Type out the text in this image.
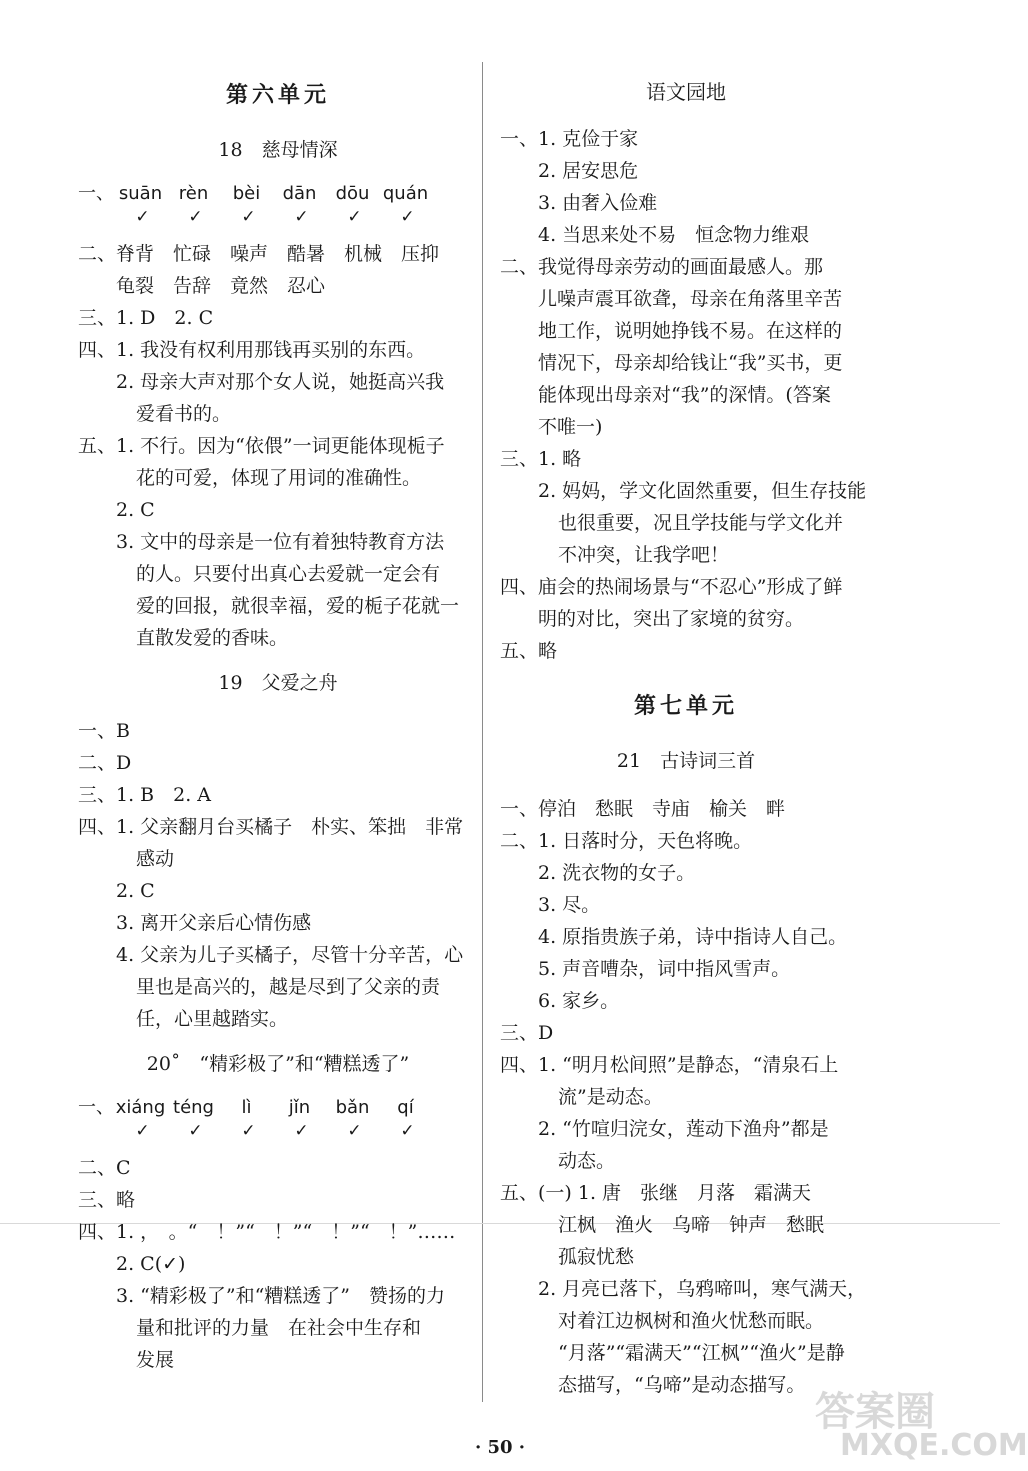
第六单元
18　慈母情深
一、 suān rèn bèi dān dōu quán
✓ ✓ ✓ ✓ ✓ ✓
二、脊背　忙碌　噪声　酷暑　机械　压抑
龟裂　告辞　竟然　忍心
三、1. D　2. C
四、1. 我没有权利用那钱再买别的东西。
2. 母亲大声对那个女人说，她挺高兴我
爱看书的。
五、1. 不行。因为“依偎”一词更能体现栀子
花的可爱，体现了用词的准确性。
2. C
3. 文中的母亲是一位有着独特教育方法
的人。只要付出真心去爱就一定会有
爱的回报，就很幸福，爱的栀子花就一
直散发爱的香味。
19　父爱之舟
一、B
二、D
三、1. B　2. A
四、1. 父亲翻月台买橘子　朴实、笨拙　非常
感动
2. C
3. 离开父亲后心情伤感
4. 父亲为儿子买橘子，尽管十分辛苦，心
里也是高兴的，越是尽到了父亲的责
任，心里越踏实。
20˚　“精彩极了”和“糟糕透了”
一、xiáng téng lì jǐn bǎn qí
✓ ✓ ✓ ✓ ✓ ✓
二、C
三、略
四、1. ，　。“　！”“　！”“　！”“　！”……
2. C(✓)
3. “精彩极了”和“糟糕透了”　赞扬的力
量和批评的力量　在社会中生存和
发展
语文园地
一、1. 克俭于家
2. 居安思危
3. 由奢入俭难
4. 当思来处不易　恒念物力维艰
二、我觉得母亲劳动的画面最感人。那
儿噪声震耳欲聋，母亲在角落里辛苦
地工作，说明她挣钱不易。在这样的
情况下，母亲却给钱让“我”买书，更
能体现出母亲对“我”的深情。(答案
不唯一)
三、1. 略
2. 妈妈，学文化固然重要，但生存技能
也很重要，况且学技能与学文化并
不冲突，让我学吧！
四、庙会的热闹场景与“不忍心”形成了鲜
明的对比，突出了家境的贫穷。
五、略
第七单元
21　古诗词三首
一、停泊　愁眠　寺庙　榆关　畔
二、1. 日落时分，天色将晚。
2. 洗衣物的女子。
3. 尽。
4. 原指贵族子弟，诗中指诗人自己。
5. 声音嘈杂，词中指风雪声。
6. 家乡。
三、D
四、1. “明月松间照”是静态，“清泉石上
流”是动态。
2. “竹喧归浣女，莲动下渔舟”都是
动态。
五、(一) 1. 唐　张继　月落　霜满天
江枫　渔火　乌啼　钟声　愁眠
孤寂忧愁
2. 月亮已落下，乌鸦啼叫，寒气满天，
对着江边枫树和渔火忧愁而眠。
“月落”“霜满天”“江枫”“渔火”是静
态描写，“乌啼”是动态描写。
答案圈
MXQE.COM
· 50 ·
